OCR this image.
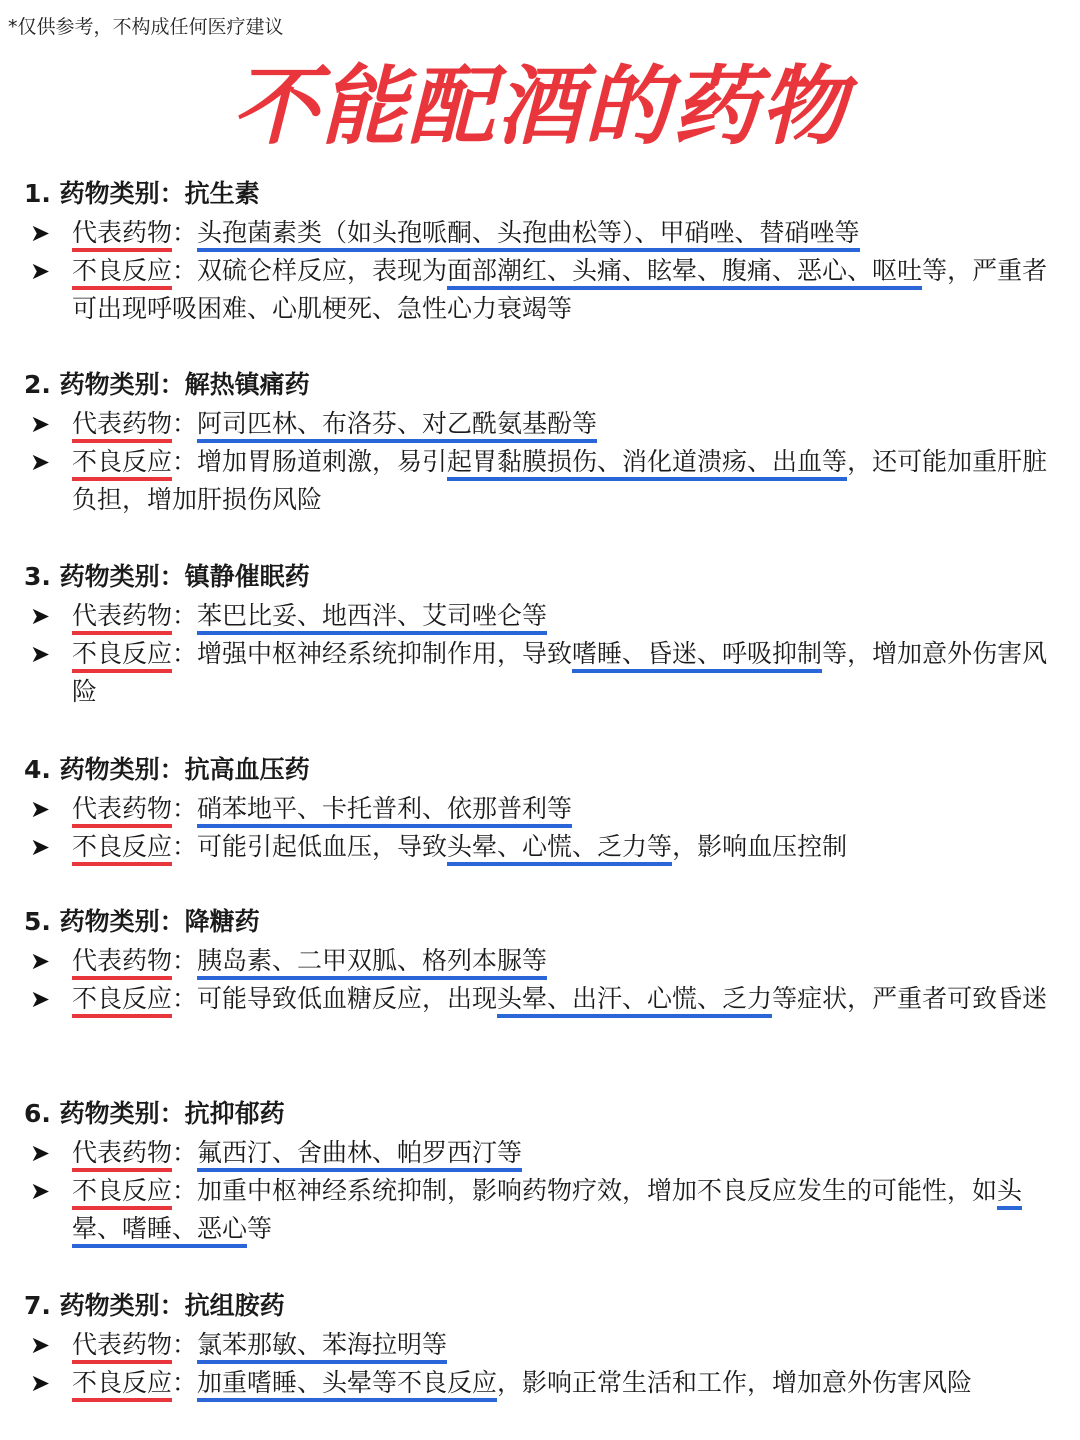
*仅供参考，不构成任何医疗建议
不能配酒的药物
1. 药物类别：抗生素
➤ 代表药物：头孢菌素类（如头孢哌酮、头孢曲松等）、甲硝唑、替硝唑等
➤ 不良反应：双硫仑样反应，表现为面部潮红、头痛、眩晕、腹痛、恶心、呕吐等，严重者可出现呼吸困难、心肌梗死、急性心力衰竭等
2. 药物类别：解热镇痛药
➤ 代表药物：阿司匹林、布洛芬、对乙酰氨基酚等
➤ 不良反应：增加胃肠道刺激，易引起胃黏膜损伤、消化道溃疡、出血等，还可能加重肝脏负担，增加肝损伤风险
3. 药物类别：镇静催眠药
➤ 代表药物：苯巴比妥、地西泮、艾司唑仑等
➤ 不良反应：增强中枢神经系统抑制作用，导致嗜睡、昏迷、呼吸抑制等，增加意外伤害风险
4. 药物类别：抗高血压药
➤ 代表药物：硝苯地平、卡托普利、依那普利等
➤ 不良反应：可能引起低血压，导致头晕、心慌、乏力等，影响血压控制
5. 药物类别：降糖药
➤ 代表药物：胰岛素、二甲双胍、格列本脲等
➤ 不良反应：可能导致低血糖反应，出现头晕、出汗、心慌、乏力等症状，严重者可致昏迷
6. 药物类别：抗抑郁药
➤ 代表药物：氟西汀、舍曲林、帕罗西汀等
➤ 不良反应：加重中枢神经系统抑制，影响药物疗效，增加不良反应发生的可能性，如头晕、嗜睡、恶心等
7. 药物类别：抗组胺药
➤ 代表药物：氯苯那敏、苯海拉明等
➤ 不良反应：加重嗜睡、头晕等不良反应，影响正常生活和工作，增加意外伤害风险
